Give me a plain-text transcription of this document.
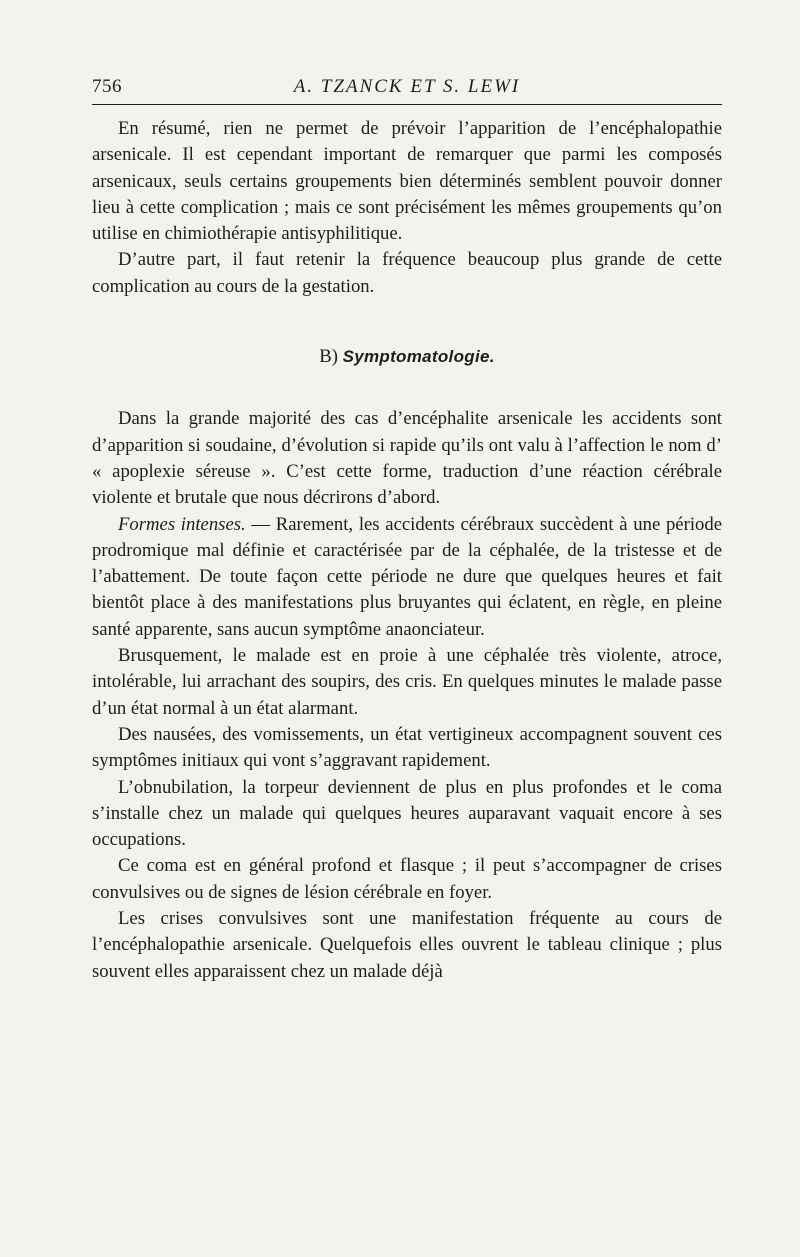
756	A. TZANCK ET S. LEWI

En résumé, rien ne permet de prévoir l’apparition de l’encéphalopathie arsenicale. Il est cependant important de remarquer que parmi les composés arsenicaux, seuls certains groupements bien déterminés semblent pouvoir donner lieu à cette complication ; mais ce sont précisément les mêmes groupements qu’on utilise en chimiothérapie antisyphilitique.

D’autre part, il faut retenir la fréquence beaucoup plus grande de cette complication au cours de la gestation.

B) Symptomatologie.

Dans la grande majorité des cas d’encéphalite arsenicale les accidents sont d’apparition si soudaine, d’évolution si rapide qu’ils ont valu à l’affection le nom d’ « apoplexie séreuse ». C’est cette forme, traduction d’une réaction cérébrale violente et brutale que nous décrirons d’abord.

Formes intenses. — Rarement, les accidents cérébraux succèdent à une période prodromique mal définie et caractérisée par de la céphalée, de la tristesse et de l’abattement. De toute façon cette période ne dure que quelques heures et fait bientôt place à des manifestations plus bruyantes qui éclatent, en règle, en pleine santé apparente, sans aucun symptôme anaonciateur.

Brusquement, le malade est en proie à une céphalée très violente, atroce, intolérable, lui arrachant des soupirs, des cris. En quelques minutes le malade passe d’un état normal à un état alarmant.

Des nausées, des vomissements, un état vertigineux accompagnent souvent ces symptômes initiaux qui vont s’aggravant rapidement.

L’obnubilation, la torpeur deviennent de plus en plus profondes et le coma s’installe chez un malade qui quelques heures auparavant vaquait encore à ses occupations.

Ce coma est en général profond et flasque ; il peut s’accompagner de crises convulsives ou de signes de lésion cérébrale en foyer.

Les crises convulsives sont une manifestation fréquente au cours de l’encéphalopathie arsenicale. Quelquefois elles ouvrent le tableau clinique ; plus souvent elles apparaissent chez un malade déjà
